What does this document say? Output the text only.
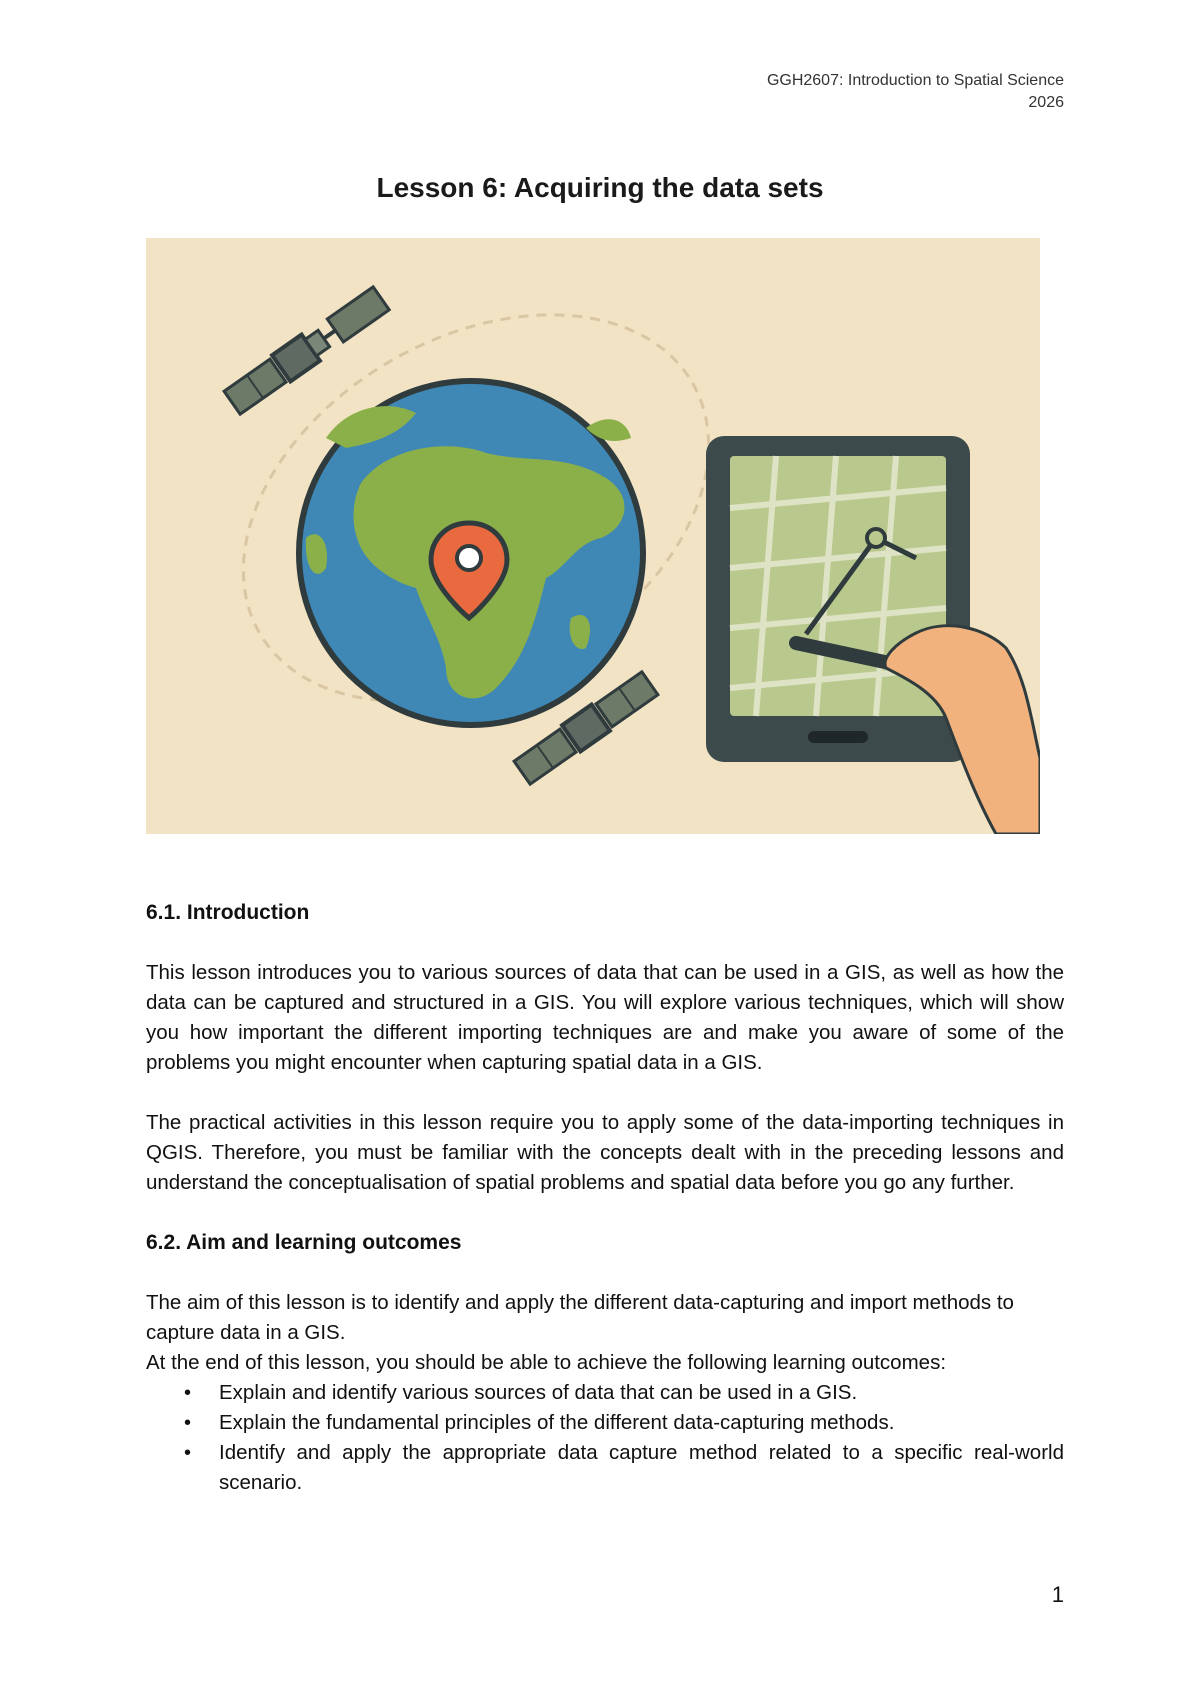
GGH2607: Introduction to Spatial Science
2026
Lesson 6: Acquiring the data sets
6.1. Introduction

This lesson introduces you to various sources of data that can be used in a GIS, as well as how the data can be captured and structured in a GIS. You will explore various techniques, which will show you how important the different importing techniques are and make you aware of some of the problems you might encounter when capturing spatial data in a GIS.

The practical activities in this lesson require you to apply some of the data-importing techniques in QGIS. Therefore, you must be familiar with the concepts dealt with in the preceding lessons and understand the conceptualisation of spatial problems and spatial data before you go any further.

6.2. Aim and learning outcomes

The aim of this lesson is to identify and apply the different data-capturing and import methods to capture data in a GIS.

At the end of this lesson, you should be able to achieve the following learning outcomes:

• Explain and identify various sources of data that can be used in a GIS.
• Explain the fundamental principles of the different data-capturing methods.
• Identify and apply the appropriate data capture method related to a specific real-world scenario.
1
